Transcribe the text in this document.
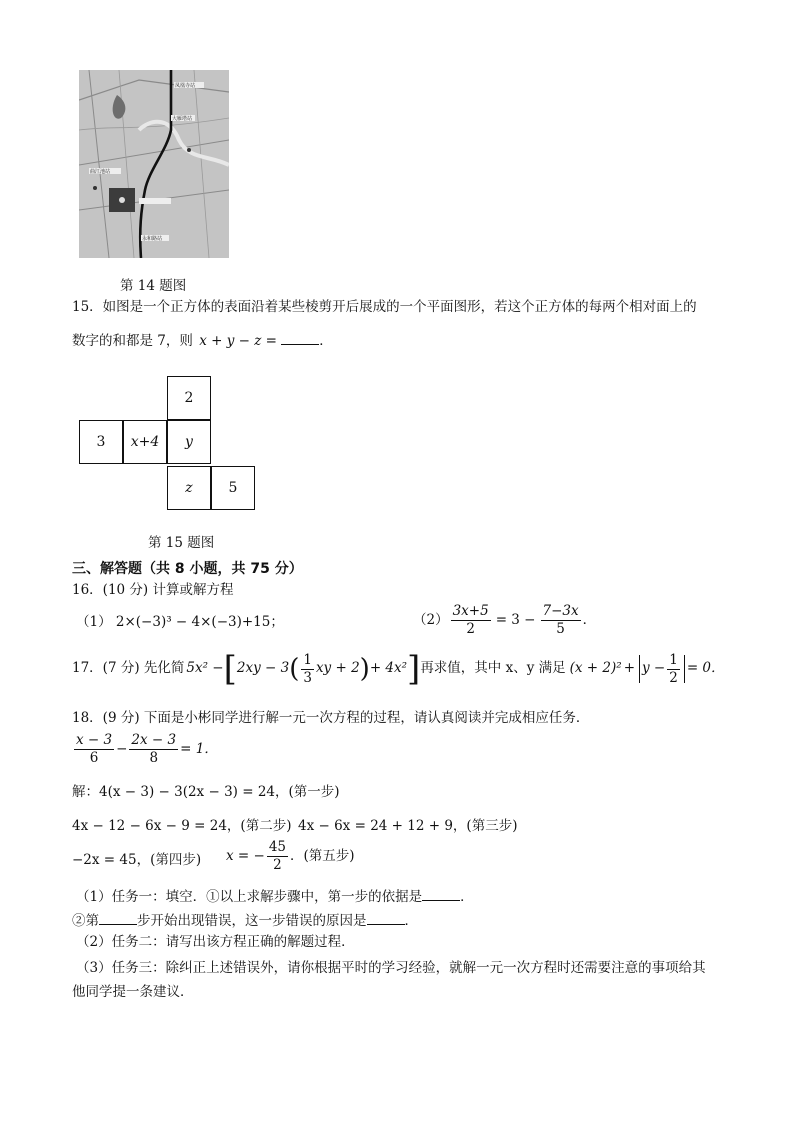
凤凰寺站
大雁塔站
曲江池站
永和路站
第 14 题图
15．如图是一个正方体的表面沿着某些棱剪开后展成的一个平面图形，若这个正方体的每两个相对面上的
数字的和都是 7，则 x + y − z =	．
2
3 x+4 y
z	5
第 15 题图
三、解答题（共 8 小题，共 75 分）
16．(10 分) 计算或解方程
（1） 2×(−3)³ − 4×(−3)+15；	$(2) \frac{3x+5}{2} = 3 - \frac{7-3x}{5}$ ．
17．(7 分) 先化简 5x² − [ 2xy − 3 ( $\frac{1}{3}$ xy + 2 ) + 4x² ] 再求值，其中 x、y 满足 $(x + 2)^2 + y - \frac{1}{2} = 0$．
18．(9 分) 下面是小彬同学进行解一元一次方程的过程，请认真阅读并完成相应任务．
$\frac{x - 3}{6} - \frac{2x - 3}{8} = 1$．
解：4(x − 3) − 3(2x − 3) = 24，(第一步)
4x − 12 − 6x − 9 = 24，(第二步) 4x − 6x = 24 + 12 + 9，(第三步)
−2x = 45，(第四步) x = − $\frac{45}{2}$ ．(第五步)
（1）任务一：填空．①以上求解步骤中，第一步的依据是	．
②第	步开始出现错误，这一步错误的原因是	．
（2）任务二：请写出该方程正确的解题过程．
（3）任务三：除纠正上述错误外，请你根据平时的学习经验，就解一元一次方程时还需要注意的事项给其
他同学提一条建议．
